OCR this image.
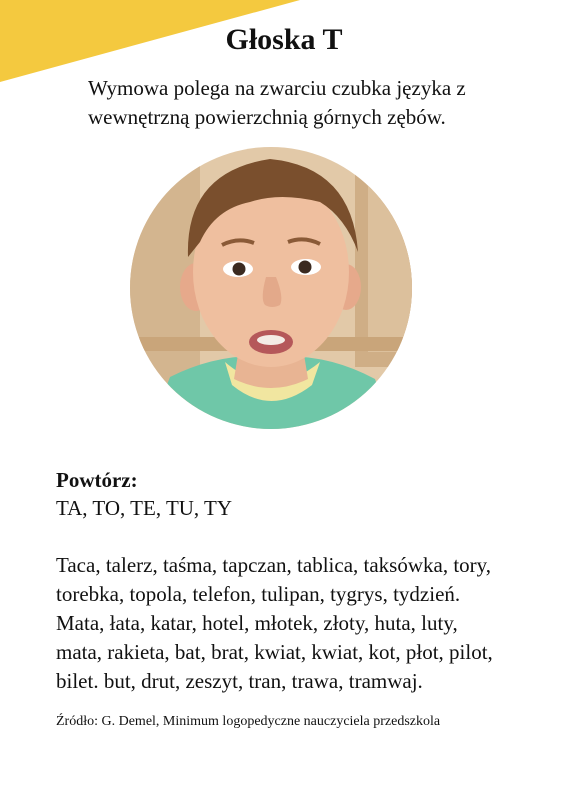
Głoska T
Wymowa polega na zwarciu czubka języka z
wewnętrzną powierzchnią górnych zębów.
Powtórz:
TA, TO, TE, TU, TY

Taca, talerz, taśma, tapczan, tablica, taksówka, tory,

torebka, topola, telefon, tulipan, tygrys, tydzień.

Mata, łata, katar, hotel, młotek, złoty, huta, luty,

mata, rakieta, bat, brat, kwiat, kwiat, kot, płot, pilot,

bilet. but, drut, zeszyt, tran, trawa, tramwaj.

Źródło: G. Demel, Minimum logopedyczne nauczyciela przedszkola
